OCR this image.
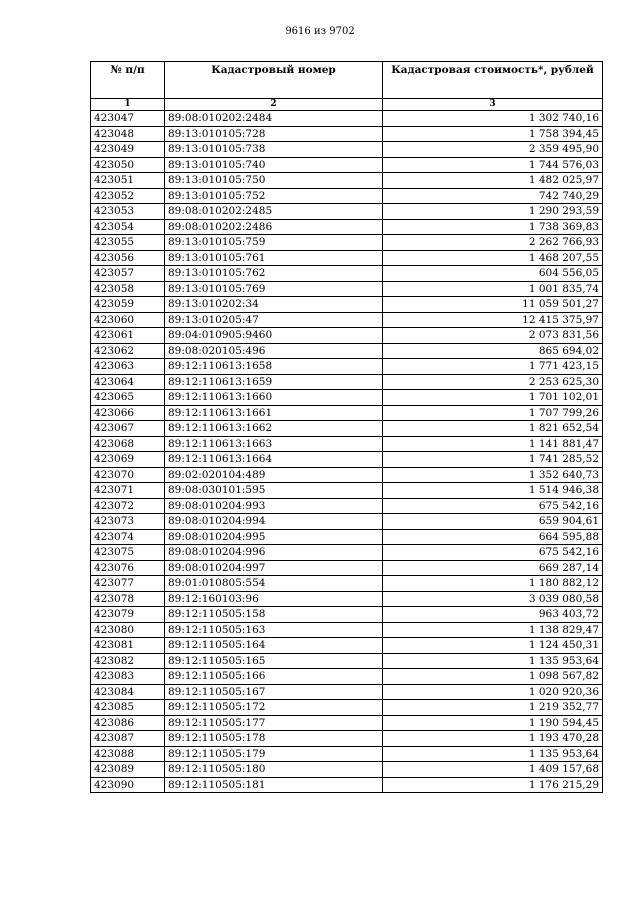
9616 из 9702
№ п/п	Кадастровый номер	Кадастровая стоимость*, рублей
1	2	3
423047	89:08:010202:2484	1 302 740,16
423048	89:13:010105:728	1 758 394,45
423049	89:13:010105:738	2 359 495,90
423050	89:13:010105:740	1 744 576,03
423051	89:13:010105:750	1 482 025,97
423052	89:13:010105:752	742 740,29
423053	89:08:010202:2485	1 290 293,59
423054	89:08:010202:2486	1 738 369,83
423055	89:13:010105:759	2 262 766,93
423056	89:13:010105:761	1 468 207,55
423057	89:13:010105:762	604 556,05
423058	89:13:010105:769	1 001 835,74
423059	89:13:010202:34	11 059 501,27
423060	89:13:010205:47	12 415 375,97
423061	89:04:010905:9460	2 073 831,56
423062	89:08:020105:496	865 694,02
423063	89:12:110613:1658	1 771 423,15
423064	89:12:110613:1659	2 253 625,30
423065	89:12:110613:1660	1 701 102,01
423066	89:12:110613:1661	1 707 799,26
423067	89:12:110613:1662	1 821 652,54
423068	89:12:110613:1663	1 141 881,47
423069	89:12:110613:1664	1 741 285,52
423070	89:02:020104:489	1 352 640,73
423071	89:08:030101:595	1 514 946,38
423072	89:08:010204:993	675 542,16
423073	89:08:010204:994	659 904,61
423074	89:08:010204:995	664 595,88
423075	89:08:010204:996	675 542,16
423076	89:08:010204:997	669 287,14
423077	89:01:010805:554	1 180 882,12
423078	89:12:160103:96	3 039 080,58
423079	89:12:110505:158	963 403,72
423080	89:12:110505:163	1 138 829,47
423081	89:12:110505:164	1 124 450,31
423082	89:12:110505:165	1 135 953,64
423083	89:12:110505:166	1 098 567,82
423084	89:12:110505:167	1 020 920,36
423085	89:12:110505:172	1 219 352,77
423086	89:12:110505:177	1 190 594,45
423087	89:12:110505:178	1 193 470,28
423088	89:12:110505:179	1 135 953,64
423089	89:12:110505:180	1 409 157,68
423090	89:12:110505:181	1 176 215,29
